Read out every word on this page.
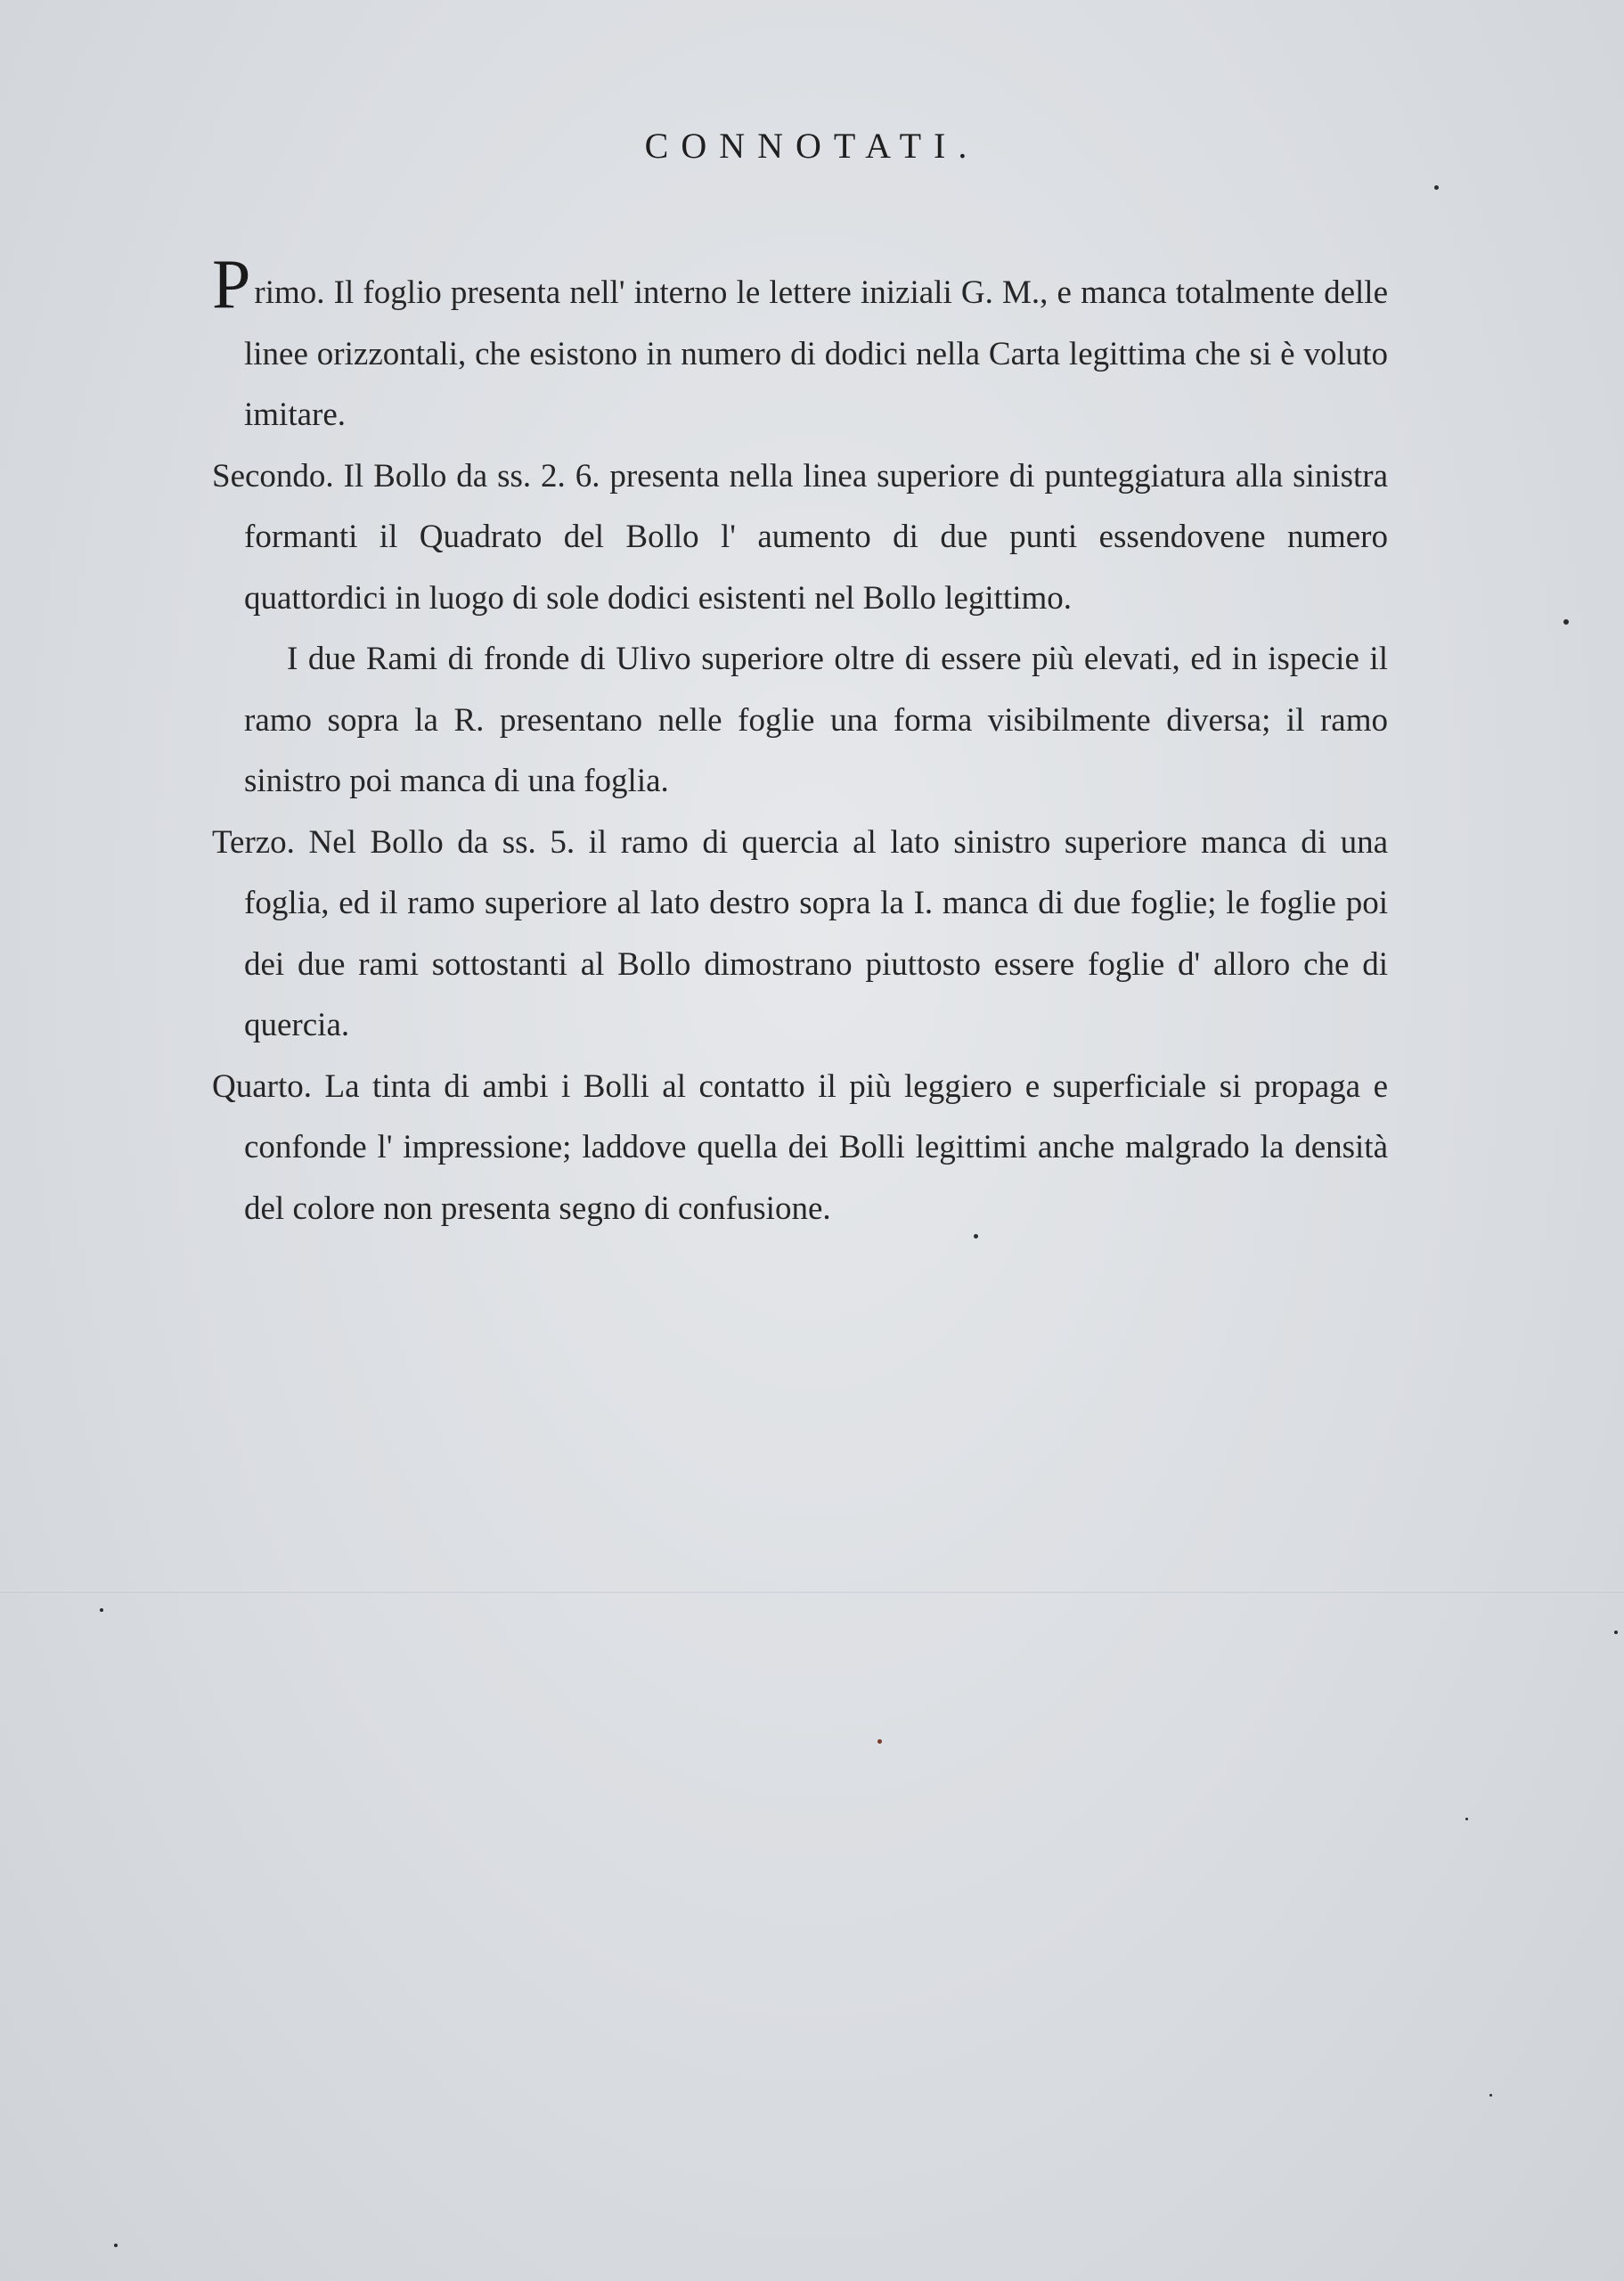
CONNOTATI.

Primo. Il foglio presenta nell' interno le lettere iniziali G. M., e manca totalmente delle linee orizzontali, che esistono in numero di dodici nella Carta legittima che si è voluto imitare.

Secondo. Il Bollo da ss. 2. 6. presenta nella linea superiore di punteggiatura alla sinistra formanti il Quadrato del Bollo l' aumento di due punti essendovene numero quattordici in luogo di sole dodici esistenti nel Bollo legittimo.

I due Rami di fronde di Ulivo superiore oltre di essere più elevati, ed in ispecie il ramo sopra la R. presentano nelle foglie una forma visibilmente diversa; il ramo sinistro poi manca di una foglia.

Terzo. Nel Bollo da ss. 5. il ramo di quercia al lato sinistro superiore manca di una foglia, ed il ramo superiore al lato destro sopra la I. manca di due foglie; le foglie poi dei due rami sottostanti al Bollo dimostrano piuttosto essere foglie d' alloro che di quercia.

Quarto. La tinta di ambi i Bolli al contatto il più leggiero e superficiale si propaga e confonde l' impressione; laddove quella dei Bolli legittimi anche malgrado la densità del colore non presenta segno di confusione.
